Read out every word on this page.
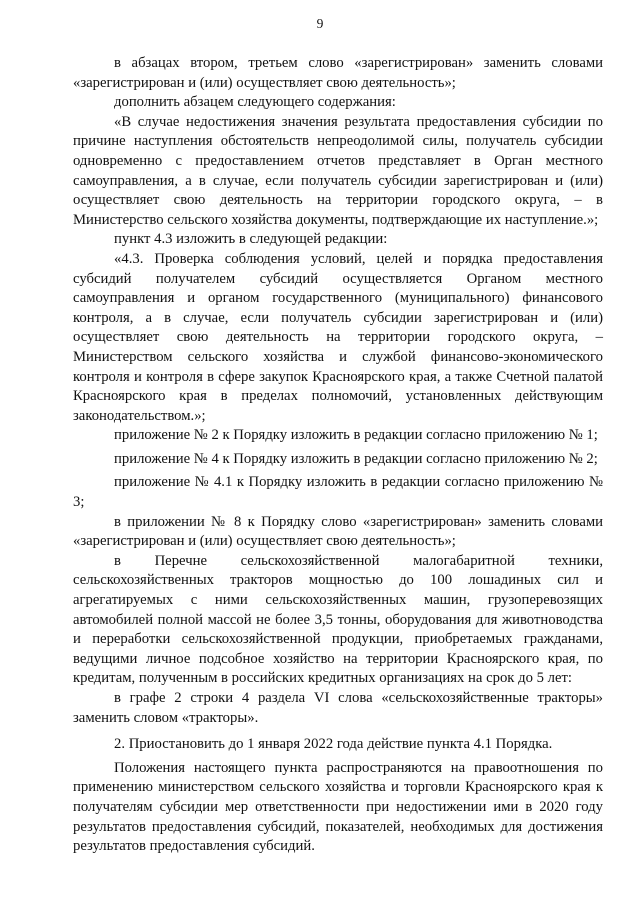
9

в абзацах втором, третьем слово «зарегистрирован» заменить словами «зарегистрирован и (или) осуществляет свою деятельность»;

дополнить абзацем следующего содержания:

«В случае недостижения значения результата предоставления субсидии по причине наступления обстоятельств непреодолимой силы, получатель субсидии одновременно с предоставлением отчетов представляет в Орган местного самоуправления, а в случае, если получатель субсидии зарегистрирован и (или) осуществляет свою деятельность на территории городского округа, – в Министерство сельского хозяйства документы, подтверждающие их наступление.»;

пункт 4.3 изложить в следующей редакции:

«4.3. Проверка соблюдения условий, целей и порядка предоставления субсидий получателем субсидий осуществляется Органом местного самоуправления и органом государственного (муниципального) финансового контроля, а в случае, если получатель субсидии зарегистрирован и (или) осуществляет свою деятельность на территории городского округа, – Министерством сельского хозяйства и службой финансово-экономического контроля и контроля в сфере закупок Красноярского края, а также Счетной палатой Красноярского края в пределах полномочий, установленных действующим законодательством.»;

приложение № 2 к Порядку изложить в редакции согласно приложению № 1;

приложение № 4 к Порядку изложить в редакции согласно приложению № 2;

приложение № 4.1 к Порядку изложить в редакции согласно приложению № 3;

в приложении № 8 к Порядку слово «зарегистрирован» заменить словами «зарегистрирован и (или) осуществляет свою деятельность»;

в Перечне сельскохозяйственной малогабаритной техники, сельскохозяйственных тракторов мощностью до 100 лошадиных сил и агрегатируемых с ними сельскохозяйственных машин, грузоперевозящих автомобилей полной массой не более 3,5 тонны, оборудования для животноводства и переработки сельскохозяйственной продукции, приобретаемых гражданами, ведущими личное подсобное хозяйство на территории Красноярского края, по кредитам, полученным в российских кредитных организациях на срок до 5 лет:

в графе 2 строки 4 раздела VI слова «сельскохозяйственные тракторы» заменить словом «тракторы».

2. Приостановить до 1 января 2022 года действие пункта 4.1 Порядка.

Положения настоящего пункта распространяются на правоотношения по применению министерством сельского хозяйства и торговли Красноярского края к получателям субсидии мер ответственности при недостижении ими в 2020 году результатов предоставления субсидий, показателей, необходимых для достижения результатов предоставления субсидий.
